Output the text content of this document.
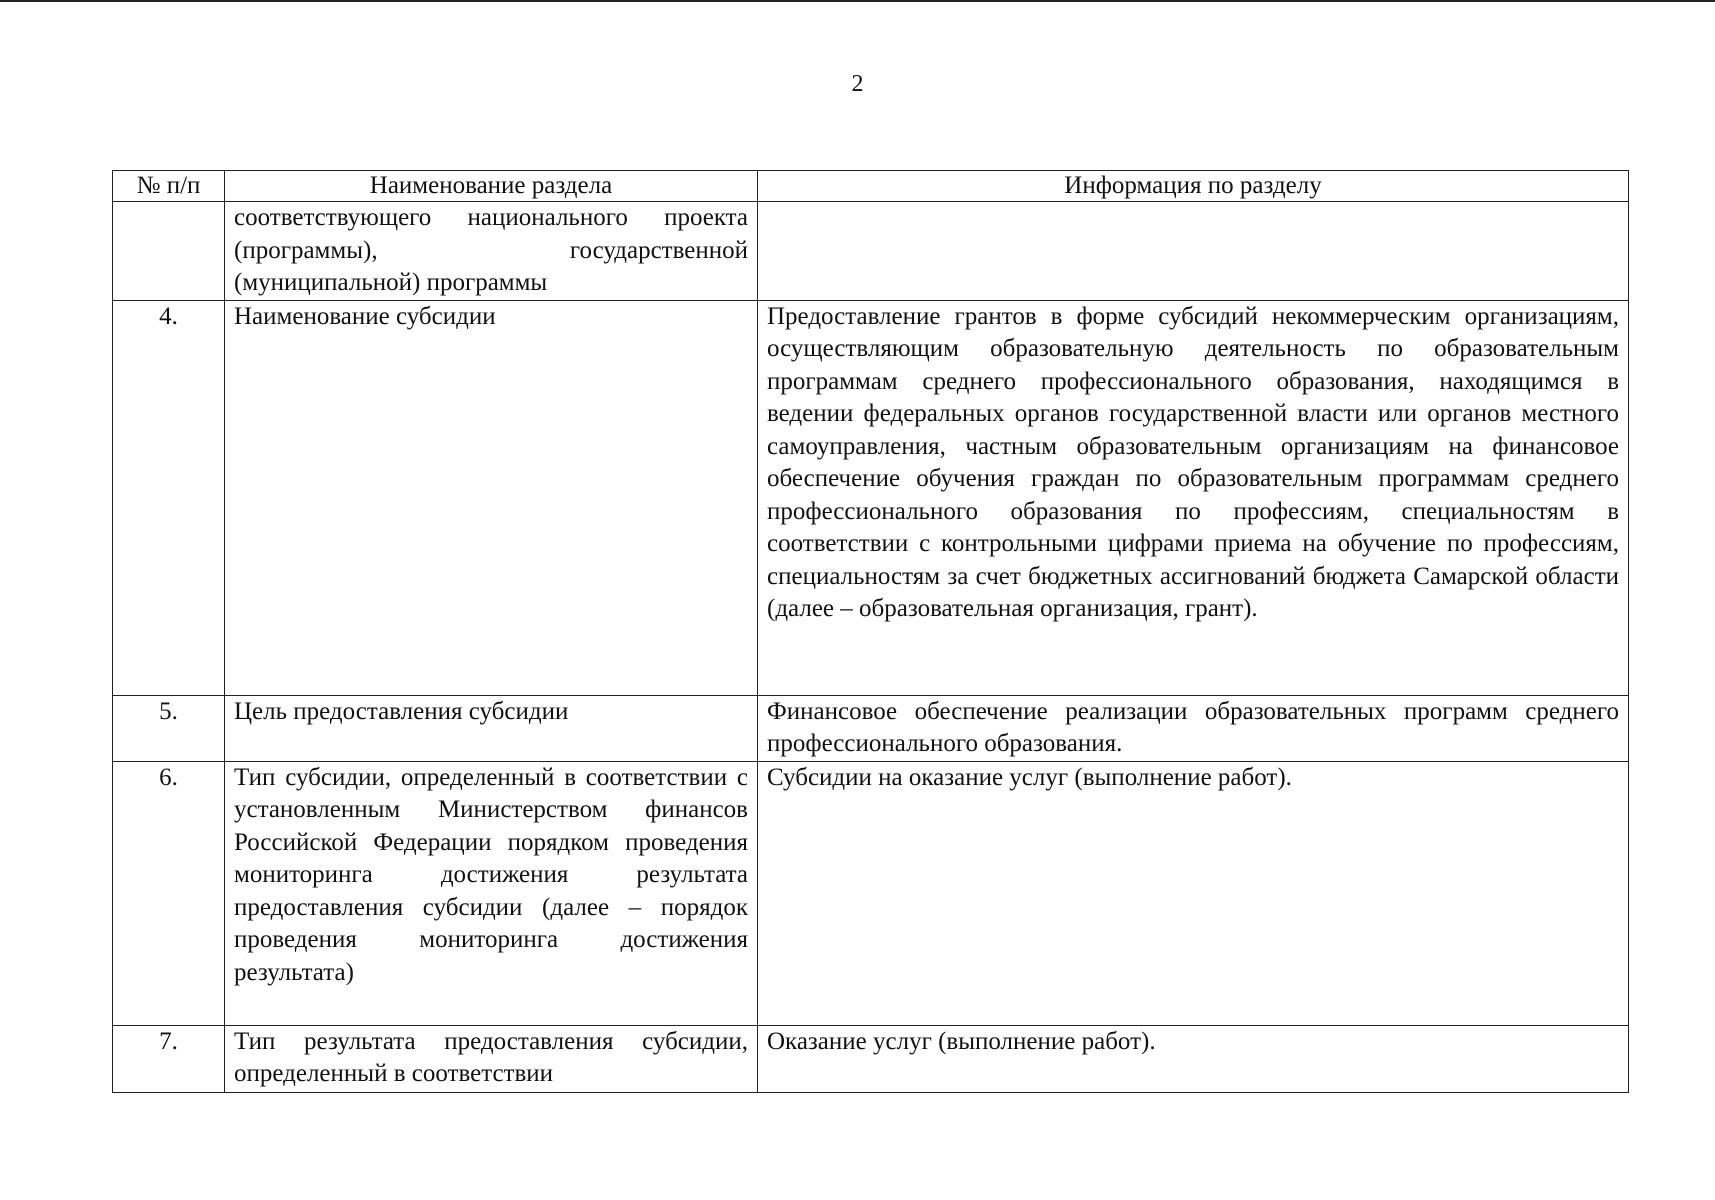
2
№ п/п	Наименование раздела	Информация по разделу
	соответствующего национального проекта (программы), государственной (муниципальной) программы	
4.	Наименование субсидии	Предоставление грантов в форме субсидий некоммерческим организациям, осуществляющим образовательную деятельность по образовательным программам среднего профессионального образования, находящимся в ведении федеральных органов государственной власти или органов местного самоуправления, частным образовательным организациям на финансовое обеспечение обучения граждан по образовательным программам среднего профессионального образования по профессиям, специальностям в соответствии с контрольными цифрами приема на обучение по профессиям, специальностям за счет бюджетных ассигнований бюджета Самарской области (далее – образовательная организация, грант).
5.	Цель предоставления субсидии	Финансовое обеспечение реализации образовательных программ среднего профессионального образования.
6.	Тип субсидии, определенный в соответствии с установленным Министерством финансов Российской Федерации порядком проведения мониторинга достижения результата предоставления субсидии (далее – порядок проведения мониторинга достижения результата)	Субсидии на оказание услуг (выполнение работ).
7.	Тип результата предоставления субсидии, определенный в соответствии	Оказание услуг (выполнение работ).
